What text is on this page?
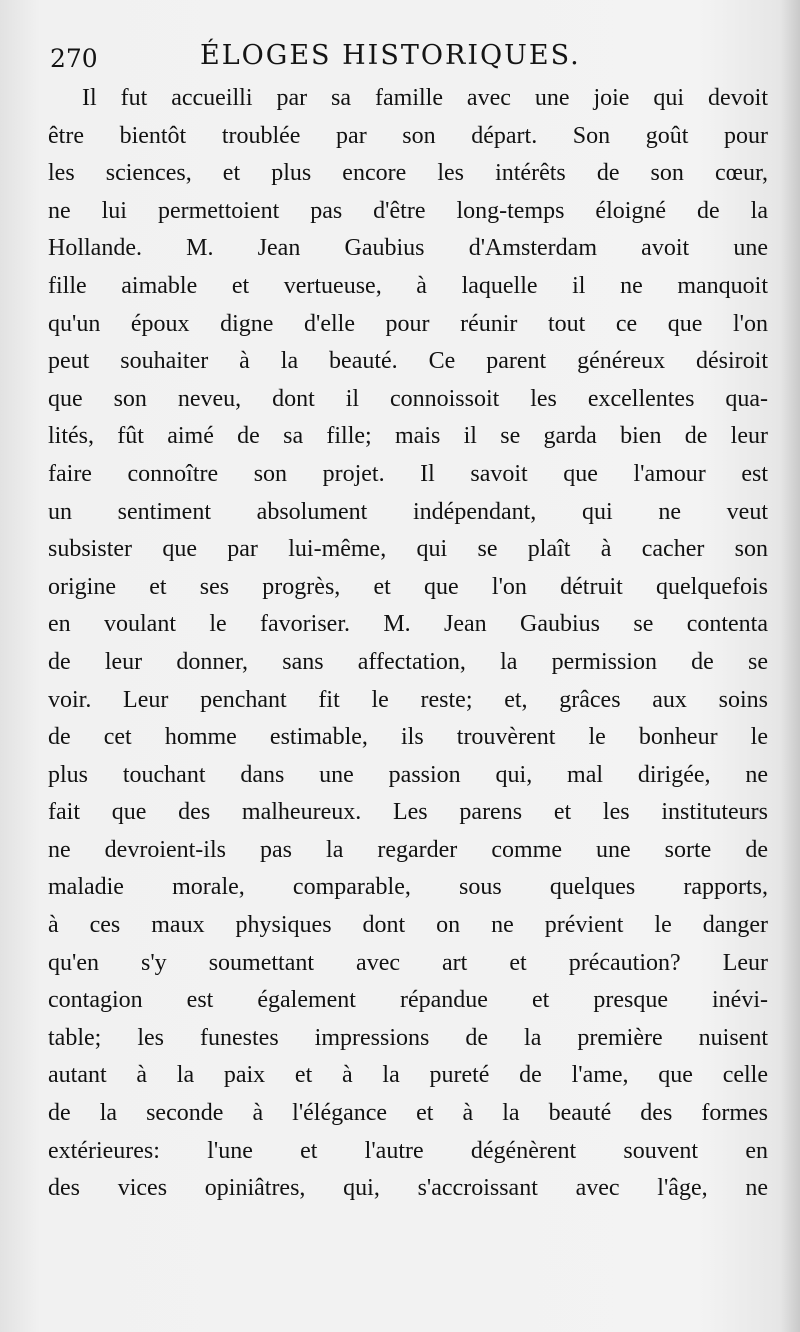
270	ÉLOGES HISTORIQUES.
Il fut accueilli par sa famille avec une joie qui devoit
être bientôt troublée par son départ. Son goût pour
les sciences, et plus encore les intérêts de son cœur,
ne lui permettoient pas d'être long-temps éloigné de la
Hollande. M. Jean Gaubius d'Amsterdam avoit une
fille aimable et vertueuse, à laquelle il ne manquoit
qu'un époux digne d'elle pour réunir tout ce que l'on
peut souhaiter à la beauté. Ce parent généreux désiroit
que son neveu, dont il connoissoit les excellentes qua-
lités, fût aimé de sa fille; mais il se garda bien de leur
faire connoître son projet. Il savoit que l'amour est
un sentiment absolument indépendant, qui ne veut
subsister que par lui-même, qui se plaît à cacher son
origine et ses progrès, et que l'on détruit quelquefois
en voulant le favoriser. M. Jean Gaubius se contenta
de leur donner, sans affectation, la permission de se
voir. Leur penchant fit le reste; et, grâces aux soins
de cet homme estimable, ils trouvèrent le bonheur le
plus touchant dans une passion qui, mal dirigée, ne
fait que des malheureux. Les parens et les instituteurs
ne devroient-ils pas la regarder comme une sorte de
maladie morale, comparable, sous quelques rapports,
à ces maux physiques dont on ne prévient le danger
qu'en s'y soumettant avec art et précaution? Leur
contagion est également répandue et presque inévi-
table; les funestes impressions de la première nuisent
autant à la paix et à la pureté de l'ame, que celle
de la seconde à l'élégance et à la beauté des formes
extérieures: l'une et l'autre dégénèrent souvent en
des vices opiniâtres, qui, s'accroissant avec l'âge, ne
